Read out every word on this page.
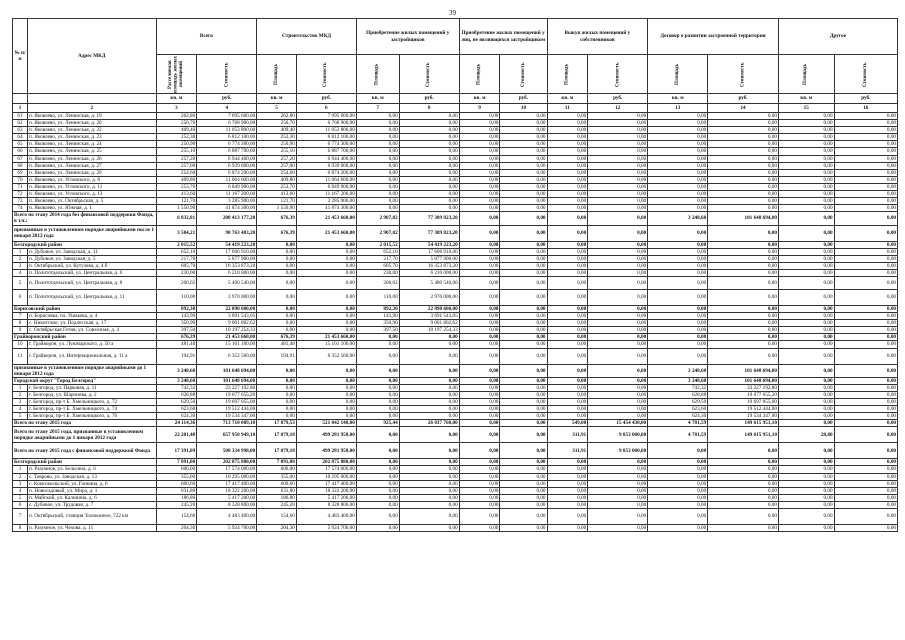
39
№ п/п	Адрес МКД	Всего		Строительство МКД		Приобретение жилых помещений у застройщиков		Приобретение жилых помещений у лиц, не являющихся застройщиком		Выкуп жилых помещений у собственников		Договор о развитии застроенной территории		Другое	
		Расселяемая площадь жилых помещений	Стоимость	Площадь	Стоимость	Площадь	Стоимость	Площадь	Стоимость	Площадь	Стоимость	Площадь	Стоимость	Площадь	Стоимость
		кв. м	руб.	кв. м	руб.	кв. м	руб.	кв. м	руб.	кв. м	руб.	кв. м	руб.	кв. м	руб.
1	2	3	4	5	6	7	8	9	10	11	12	13	14	15	16
61	п. Яковлево, ул. Ленинская, д. 19	262,80	7 095 600,00	262,80	7 095 600,00	0,00	0,00	0,00	0,00	0,00	0,00	0,00	0,00	0,00	0,00
62	п. Яковлево, ул. Ленинская, д. 20	250,70	6 768 900,00	250,70	6 768 900,00	0,00	0,00	0,00	0,00	0,00	0,00	0,00	0,00	0,00	0,00
63	п. Яковлево, ул. Ленинская, д. 22	409,40	11 053 800,00	409,40	11 053 800,00	0,00	0,00	0,00	0,00	0,00	0,00	0,00	0,00	0,00	0,00
64	п. Яковлево, ул. Ленинская, д. 23	252,30	6 812 100,00	252,30	6 812 100,00	0,00	0,00	0,00	0,00	0,00	0,00	0,00	0,00	0,00	0,00
65	п. Яковлево, ул. Ленинская, д. 24	250,90	6 774 300,00	250,90	6 774 300,00	0,00	0,00	0,00	0,00	0,00	0,00	0,00	0,00	0,00	0,00
66	п. Яковлево, ул. Ленинская, д. 25	255,10	6 887 700,00	255,10	6 887 700,00	0,00	0,00	0,00	0,00	0,00	0,00	0,00	0,00	0,00	0,00
67	п. Яковлево, ул. Ленинская, д. 26	257,20	6 944 400,00	257,20	6 944 400,00	0,00	0,00	0,00	0,00	0,00	0,00	0,00	0,00	0,00	0,00
68	п. Яковлево, ул. Ленинская, д. 27	257,00	6 939 000,00	257,00	6 939 000,00	0,00	0,00	0,00	0,00	0,00	0,00	0,00	0,00	0,00	0,00
69	п. Яковлево, ул. Ленинская, д. 29	254,60	6 874 200,00	254,60	6 874 200,00	0,00	0,00	0,00	0,00	0,00	0,00	0,00	0,00	0,00	0,00
70	п. Яковлево, ул. Угловского, д. 8	409,80	11 064 600,00	409,80	11 064 600,00	0,00	0,00	0,00	0,00	0,00	0,00	0,00	0,00	0,00	0,00
71	п. Яковлево, ул. Угловского, д. 11	253,70	6 849 900,00	253,70	6 849 900,00	0,00	0,00	0,00	0,00	0,00	0,00	0,00	0,00	0,00	0,00
72	п. Яковлево, ул. Угловского, д. 13	413,60	11 167 200,00	413,60	11 167 200,00	0,00	0,00	0,00	0,00	0,00	0,00	0,00	0,00	0,00	0,00
73	п. Яковлево, ул. Октябрьская, д. 5	121,70	3 285 900,00	121,70	3 285 900,00	0,00	0,00	0,00	0,00	0,00	0,00	0,00	0,00	0,00	0,00
74	п. Яковлево, ул. Южная, д. 1	1 550,90	41 874 300,00	1 550,90	41 874 300,00	0,00	0,00	0,00	0,00	0,00	0,00	0,00	0,00	0,00	0,00
Всего по этапу 2014 года без финансовой поддержки Фонда, в т.ч.:		6 832,81	200 413 177,20	676,39	21 453 660,00	2 907,82	77 309 823,20	0,00	0,00	0,00	0,00	3 248,60	101 648 694,00	0,00	0,00
признанные в установленном порядке аварийными после 1 января 2012 года		3 584,21	98 763 483,20	676,39	21 453 660,00	2 907,82	77 309 823,20	0,00	0,00	0,00	0,00	0,00	0,00	0,00	0,00
Белгородский район		2 015,52	54 419 223,20	0,00	0,00	2 015,52	54 419 223,20	0,00	0,00	0,00	0,00	0,00	0,00	0,00	0,00
1	п. Дубовое, ул. Заводская, д. 11	652,10	17 606 910,00	0,00	0,00	652,10	17 606 910,00	0,00	0,00	0,00	0,00	0,00	0,00	0,00	0,00
2	п. Дубовое, ул. Заводская, д. 5	217,70	5 877 900,00	0,00	0,00	217,70	5 877 900,00	0,00	0,00	0,00	0,00	0,00	0,00	0,00	0,00
3	п. Октябрьский, ул. Кутузова, д. 4 б	605,70	16 353 873,20	0,00	0,00	605,70	16 353 873,20	0,00	0,00	0,00	0,00	0,00	0,00	0,00	0,00
4	п. Политотдельский, ул. Центральная, д. 6	230,00	6 210 000,00	0,00	0,00	230,00	6 210 000,00	0,00	0,00	0,00	0,00	0,00	0,00	0,00	0,00
5	п. Политотдельский, ул. Центральная, д. 8	200,02	5 400 540,00	0,00	0,00	200,02	5 400 540,00	0,00	0,00	0,00	0,00	0,00	0,00	0,00	0,00
6	п. Политотдельский, ул. Центральная, д. 11	110,00	2 970 000,00	0,00	0,00	110,00	2 970 000,00	0,00	0,00	0,00	0,00	0,00	0,00	0,00	0,00
Борисовский район		892,30	22 890 600,00	0,00	0,00	892,30	22 890 600,00	0,00	0,00	0,00	0,00	0,00	0,00	0,00	0,00
7	п. Борисовка, пл. Ушакова, д. 4	143,90	3 691 543,05	0,00	0,00	143,90	3 691 543,05	0,00	0,00	0,00	0,00	0,00	0,00	0,00	0,00
8	с. Никитское, ул. Подлесская, д. 17	350,90	9 001 802,62	0,00	0,00	350,90	9 001 802,62	0,00	0,00	0,00	0,00	0,00	0,00	0,00	0,00
9	с. Октябрьская Готня, ул. Совхозная, д. 4	397,50	10 197 254,33	0,00	0,00	397,50	10 197 254,33	0,00	0,00	0,00	0,00	0,00	0,00	0,00	0,00
Грайворонский район		676,39	21 453 660,00	676,39	21 453 660,00	0,00	0,00	0,00	0,00	0,00	0,00	0,00	0,00	0,00	0,00
10	г. Грайворон, ул. Луначарского, д. 50 а	481,48	15 101 100,00	481,48	15 101 100,00	0,00	0,00	0,00	0,00	0,00	0,00	0,00	0,00	0,00	0,00
11	г. Грайворон, ул. Интернациональная, д. 11 а	194,91	6 352 560,00	194,91	6 352 560,00	0,00	0,00	0,00	0,00	0,00	0,00	0,00	0,00	0,00	0,00
признанные в установленном порядке аварийными до 1 января 2012 года		3 248,60	101 648 694,00	0,00	0,00	0,00	0,00	0,00	0,00	0,00	0,00	3 248,60	101 648 694,00	0,00	0,00
Городской округ "Город Белгород"		3 248,60	101 648 694,00	0,00	0,00	0,00	0,00	0,00	0,00	0,00	0,00	3 248,60	101 648 694,00	0,00	0,00
1	г. Белгород, ул. Парковая, д. 11	742,32	23 227 192,80	0,00	0,00	0,00	0,00	0,00	0,00	0,00	0,00	742,32	23 227 192,80	0,00	0,00
2	г. Белгород, ул. Шаронова, д. 2	628,88	19 677 655,20	0,00	0,00	0,00	0,00	0,00	0,00	0,00	0,00	628,88	19 677 655,20	0,00	0,00
3	г. Белгород, пр-т Б. Хмельницкого, д. 72	629,50	19 697 055,00	0,00	0,00	0,00	0,00	0,00	0,00	0,00	0,00	629,50	19 697 055,00	0,00	0,00
4	г. Белгород, пр-т Б. Хмельницкого, д. 74	623,60	19 512 444,00	0,00	0,00	0,00	0,00	0,00	0,00	0,00	0,00	623,60	19 512 444,00	0,00	0,00
5	г. Белгород, пр-т Б. Хмельницкого, д. 76	624,30	19 534 347,00	0,00	0,00	0,00	0,00	0,00	0,00	0,00	0,00	624,30	19 534 347,00	0,00	0,00
Всего по этапу 2015 года		24 114,36	713 710 089,10	17 879,53	521 042 148,00	925,44	26 837 760,00	0,00	0,00	549,00	15 454 430,00	4 781,59	149 615 951,10	0,00	0,00
Всего по этапу 2015 года, признанные в установленном порядке аварийными до 1 января 2012 года		22 201,48	657 950 949,10	17 079,18	499 281 958,00	0,00	0,00	0,00	0,00	311,91	9 053 000,00	4 781,59	149 615 951,10	28,80	0,00
Всего по этапу 2015 года с финансовой поддержкой Фонда		17 391,09	508 334 998,00	17 079,18	499 281 958,00	0,00	0,00	0,00	0,00	311,91	9 053 000,00	0,00	0,00	0,00	0,00
Белгородский район		7 091,00	202 875 880,00	7 091,00	202 875 880,00	0,00	0,00	0,00	0,00	0,00	0,00	0,00	0,00	0,00	0,00
1	п. Разумное, ул. Бельгина, д. 6	606,00	17 574 000,00	606,00	17 574 000,00	0,00	0,00	0,00	0,00	0,00	0,00	0,00	0,00	0,00	0,00
2	с. Таврово, ул. Заводская, д. 13	355,00	10 295 000,00	355,00	10 295 000,00	0,00	0,00	0,00	0,00	0,00	0,00	0,00	0,00	0,00	0,00
3	с. Комсомольский, ул. Гонкина, д. 6	600,60	17 417 400,00	600,60	17 417 400,00	0,00	0,00	0,00	0,00	0,00	0,00	0,00	0,00	0,00	0,00
4	п. Новосадовый, ул. Мира, д. 1	631,80	18 322 200,00	631,80	18 322 200,00	0,00	0,00	0,00	0,00	0,00	0,00	0,00	0,00	0,00	0,00
5	п. Майский, ул. Калинина, д. 6	186,80	5 417 200,00	186,80	5 417 200,00	0,00	0,00	0,00	0,00	0,00	0,00	0,00	0,00	0,00	0,00
6	с. Дубовое, ул. Трудовая, д. 7	245,20	8 328 800,00	245,20	8 328 800,00	0,00	0,00	0,00	0,00	0,00	0,00	0,00	0,00	0,00	0,00
7	п. Октябрьский, станция Толоконное, 722 км	154,60	4 483 400,00	154,60	4 483 400,00	0,00	0,00	0,00	0,00	0,00	0,00	0,00	0,00	0,00	0,00
8	п. Разумное, ул. Чехова, д. 11	204,30	5 924 700,00	204,30	5 924 700,00	0,00	0,00	0,00	0,00	0,00	0,00	0,00	0,00	0,00	0,00
